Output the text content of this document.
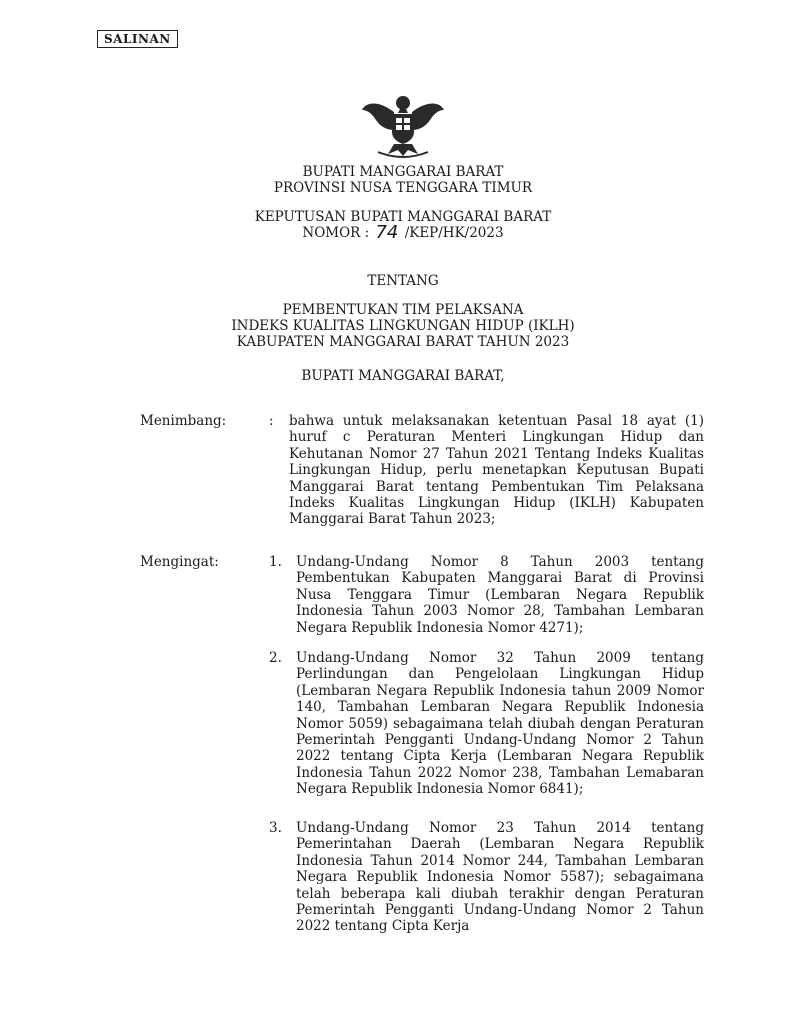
SALINAN
BUPATI MANGGARAI BARAT
PROVINSI NUSA TENGGARA TIMUR
KEPUTUSAN BUPATI MANGGARAI BARAT
NOMOR : 74 /KEP/HK/2023
TENTANG
PEMBENTUKAN TIM PELAKSANA
INDEKS KUALITAS LINGKUNGAN HIDUP (IKLH)
KABUPATEN MANGGARAI BARAT TAHUN 2023
BUPATI MANGGARAI BARAT,
Menimbang:	: bahwa untuk melaksanakan ketentuan Pasal 18 ayat (1) huruf c Peraturan Menteri Lingkungan Hidup dan Kehutanan Nomor 27 Tahun 2021 Tentang Indeks Kualitas Lingkungan Hidup, perlu menetapkan Keputusan Bupati Manggarai Barat tentang Pembentukan Tim Pelaksana Indeks Kualitas Lingkungan Hidup (IKLH) Kabupaten Manggarai Barat Tahun 2023;

Mengingat:	1. Undang-Undang Nomor 8 Tahun 2003 tentang Pembentukan Kabupaten Manggarai Barat di Provinsi Nusa Tenggara Timur (Lembaran Negara Republik Indonesia Tahun 2003 Nomor 28, Tambahan Lembaran Negara Republik Indonesia Nomor 4271);

2. Undang-Undang Nomor 32 Tahun 2009 tentang Perlindungan dan Pengelolaan Lingkungan Hidup (Lembaran Negara Republik Indonesia tahun 2009 Nomor 140, Tambahan Lembaran Negara Republik Indonesia Nomor 5059) sebagaimana telah diubah dengan Peraturan Pemerintah Pengganti Undang-Undang Nomor 2 Tahun 2022 tentang Cipta Kerja (Lembaran Negara Republik Indonesia Tahun 2022 Nomor 238, Tambahan Lemabaran Negara Republik Indonesia Nomor 6841);

3. Undang-Undang Nomor 23 Tahun 2014 tentang Pemerintahan Daerah (Lembaran Negara Republik Indonesia Tahun 2014 Nomor 244, Tambahan Lembaran Negara Republik Indonesia Nomor 5587); sebagaimana telah beberapa kali diubah terakhir dengan Peraturan Pemerintah Pengganti Undang-Undang Nomor 2 Tahun 2022 tentang Cipta Kerja
